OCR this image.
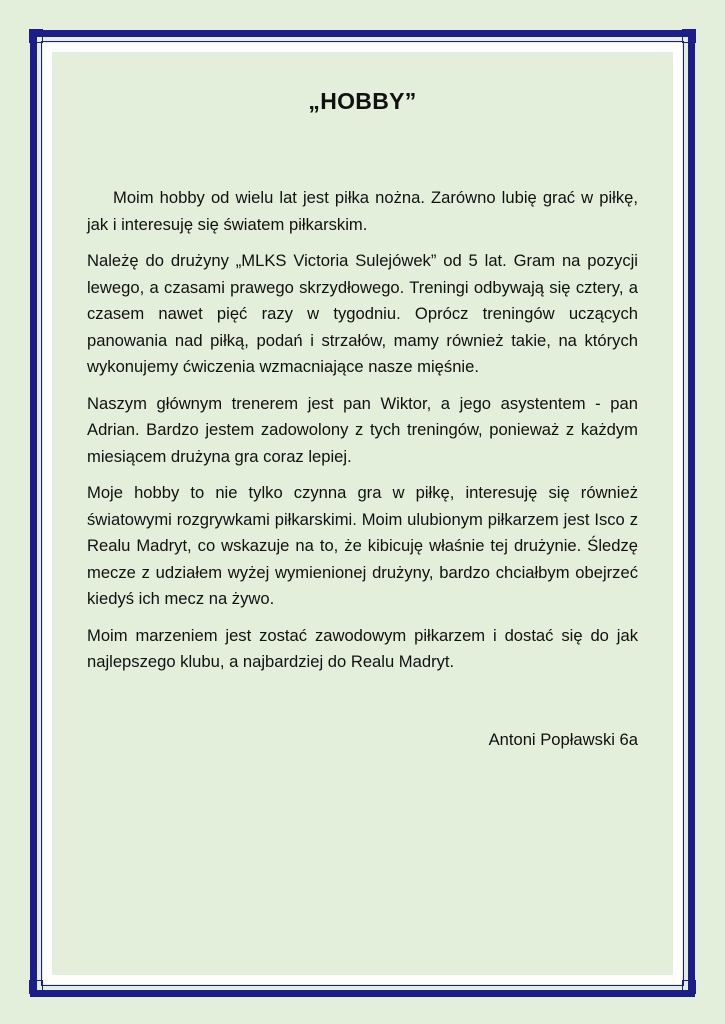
„HOBBY”

Moim hobby od wielu lat jest piłka nożna. Zarówno lubię grać w piłkę, jak i interesuję się światem piłkarskim.

Należę do drużyny „MLKS Victoria Sulejówek” od 5 lat. Gram na pozycji lewego, a czasami prawego skrzydłowego. Treningi odbywają się cztery, a czasem nawet pięć razy w tygodniu. Oprócz treningów uczących panowania nad piłką, podań i strzałów, mamy również takie, na których wykonujemy ćwiczenia wzmacniające nasze mięśnie.

Naszym głównym trenerem jest pan Wiktor, a jego asystentem - pan Adrian. Bardzo jestem zadowolony z tych treningów, ponieważ z każdym miesiącem drużyna gra coraz lepiej.

Moje hobby to nie tylko czynna gra w piłkę, interesuję się również światowymi rozgrywkami piłkarskimi. Moim ulubionym piłkarzem jest Isco z Realu Madryt, co wskazuje na to, że kibicuję właśnie tej drużynie. Śledzę mecze z udziałem wyżej wymienionej drużyny, bardzo chciałbym obejrzeć kiedyś ich mecz na żywo.

Moim marzeniem jest zostać zawodowym piłkarzem i dostać się do jak najlepszego klubu, a najbardziej do Realu Madryt.

Antoni Popławski 6a
